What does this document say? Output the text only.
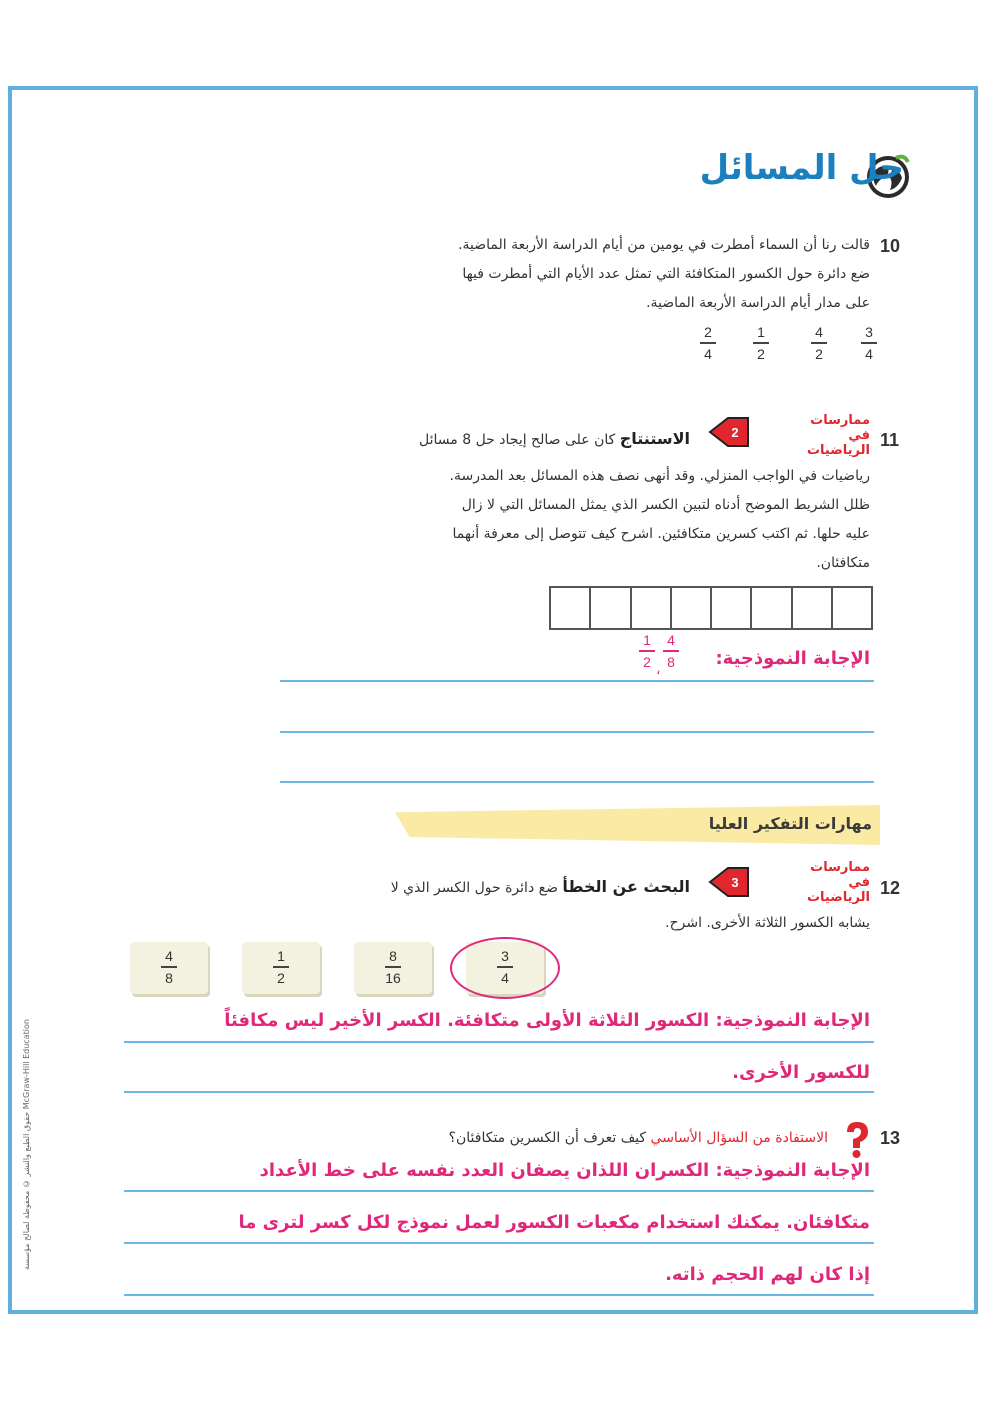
حل المسائل
10
قالت رنا أن السماء أمطرت في يومين من أيام الدراسة الأربعة الماضية.
ضع دائرة حول الكسور المتكافئة التي تمثل عدد الأيام التي أمطرت فيها
على مدار أيام الدراسة الأربعة الماضية.
3
4
4
2
1
2
2
4
11
ممارسات في الرياضيات
2
الاستنتاج كان على صالح إيجاد حل 8 مسائل
رياضيات في الواجب المنزلي. وقد أنهى نصف هذه المسائل بعد المدرسة.
ظلل الشريط الموضح أدناه لتبين الكسر الذي يمثل المسائل التي لا زال
عليه حلها. ثم اكتب كسرين متكافئين. اشرح كيف تتوصل إلى معرفة أنهما
متكافئان.
الإجابة النموذجية:
4
8
،
1
2
مهارات التفكير العليا
12
ممارسات في الرياضيات
3
البحث عن الخطأ ضع دائرة حول الكسر الذي لا
يشابه الكسور الثلاثة الأخرى. اشرح.
4
8
1
2
8
16
3
4
الإجابة النموذجية: الكسور الثلاثة الأولى متكافئة. الكسر الأخير ليس مكافئاً
للكسور الأخرى.
13
الاستفادة من السؤال الأساسي كيف تعرف أن الكسرين متكافئان؟
الإجابة النموذجية: الكسران اللذان يصفان العدد نفسه على خط الأعداد
متكافئان. يمكنك استخدام مكعبات الكسور لعمل نموذج لكل كسر لترى ما
إذا كان لهم الحجم ذاته.
حقوق الطبع والنشر © محفوظة لصالح مؤسسة McGraw-Hill Education
